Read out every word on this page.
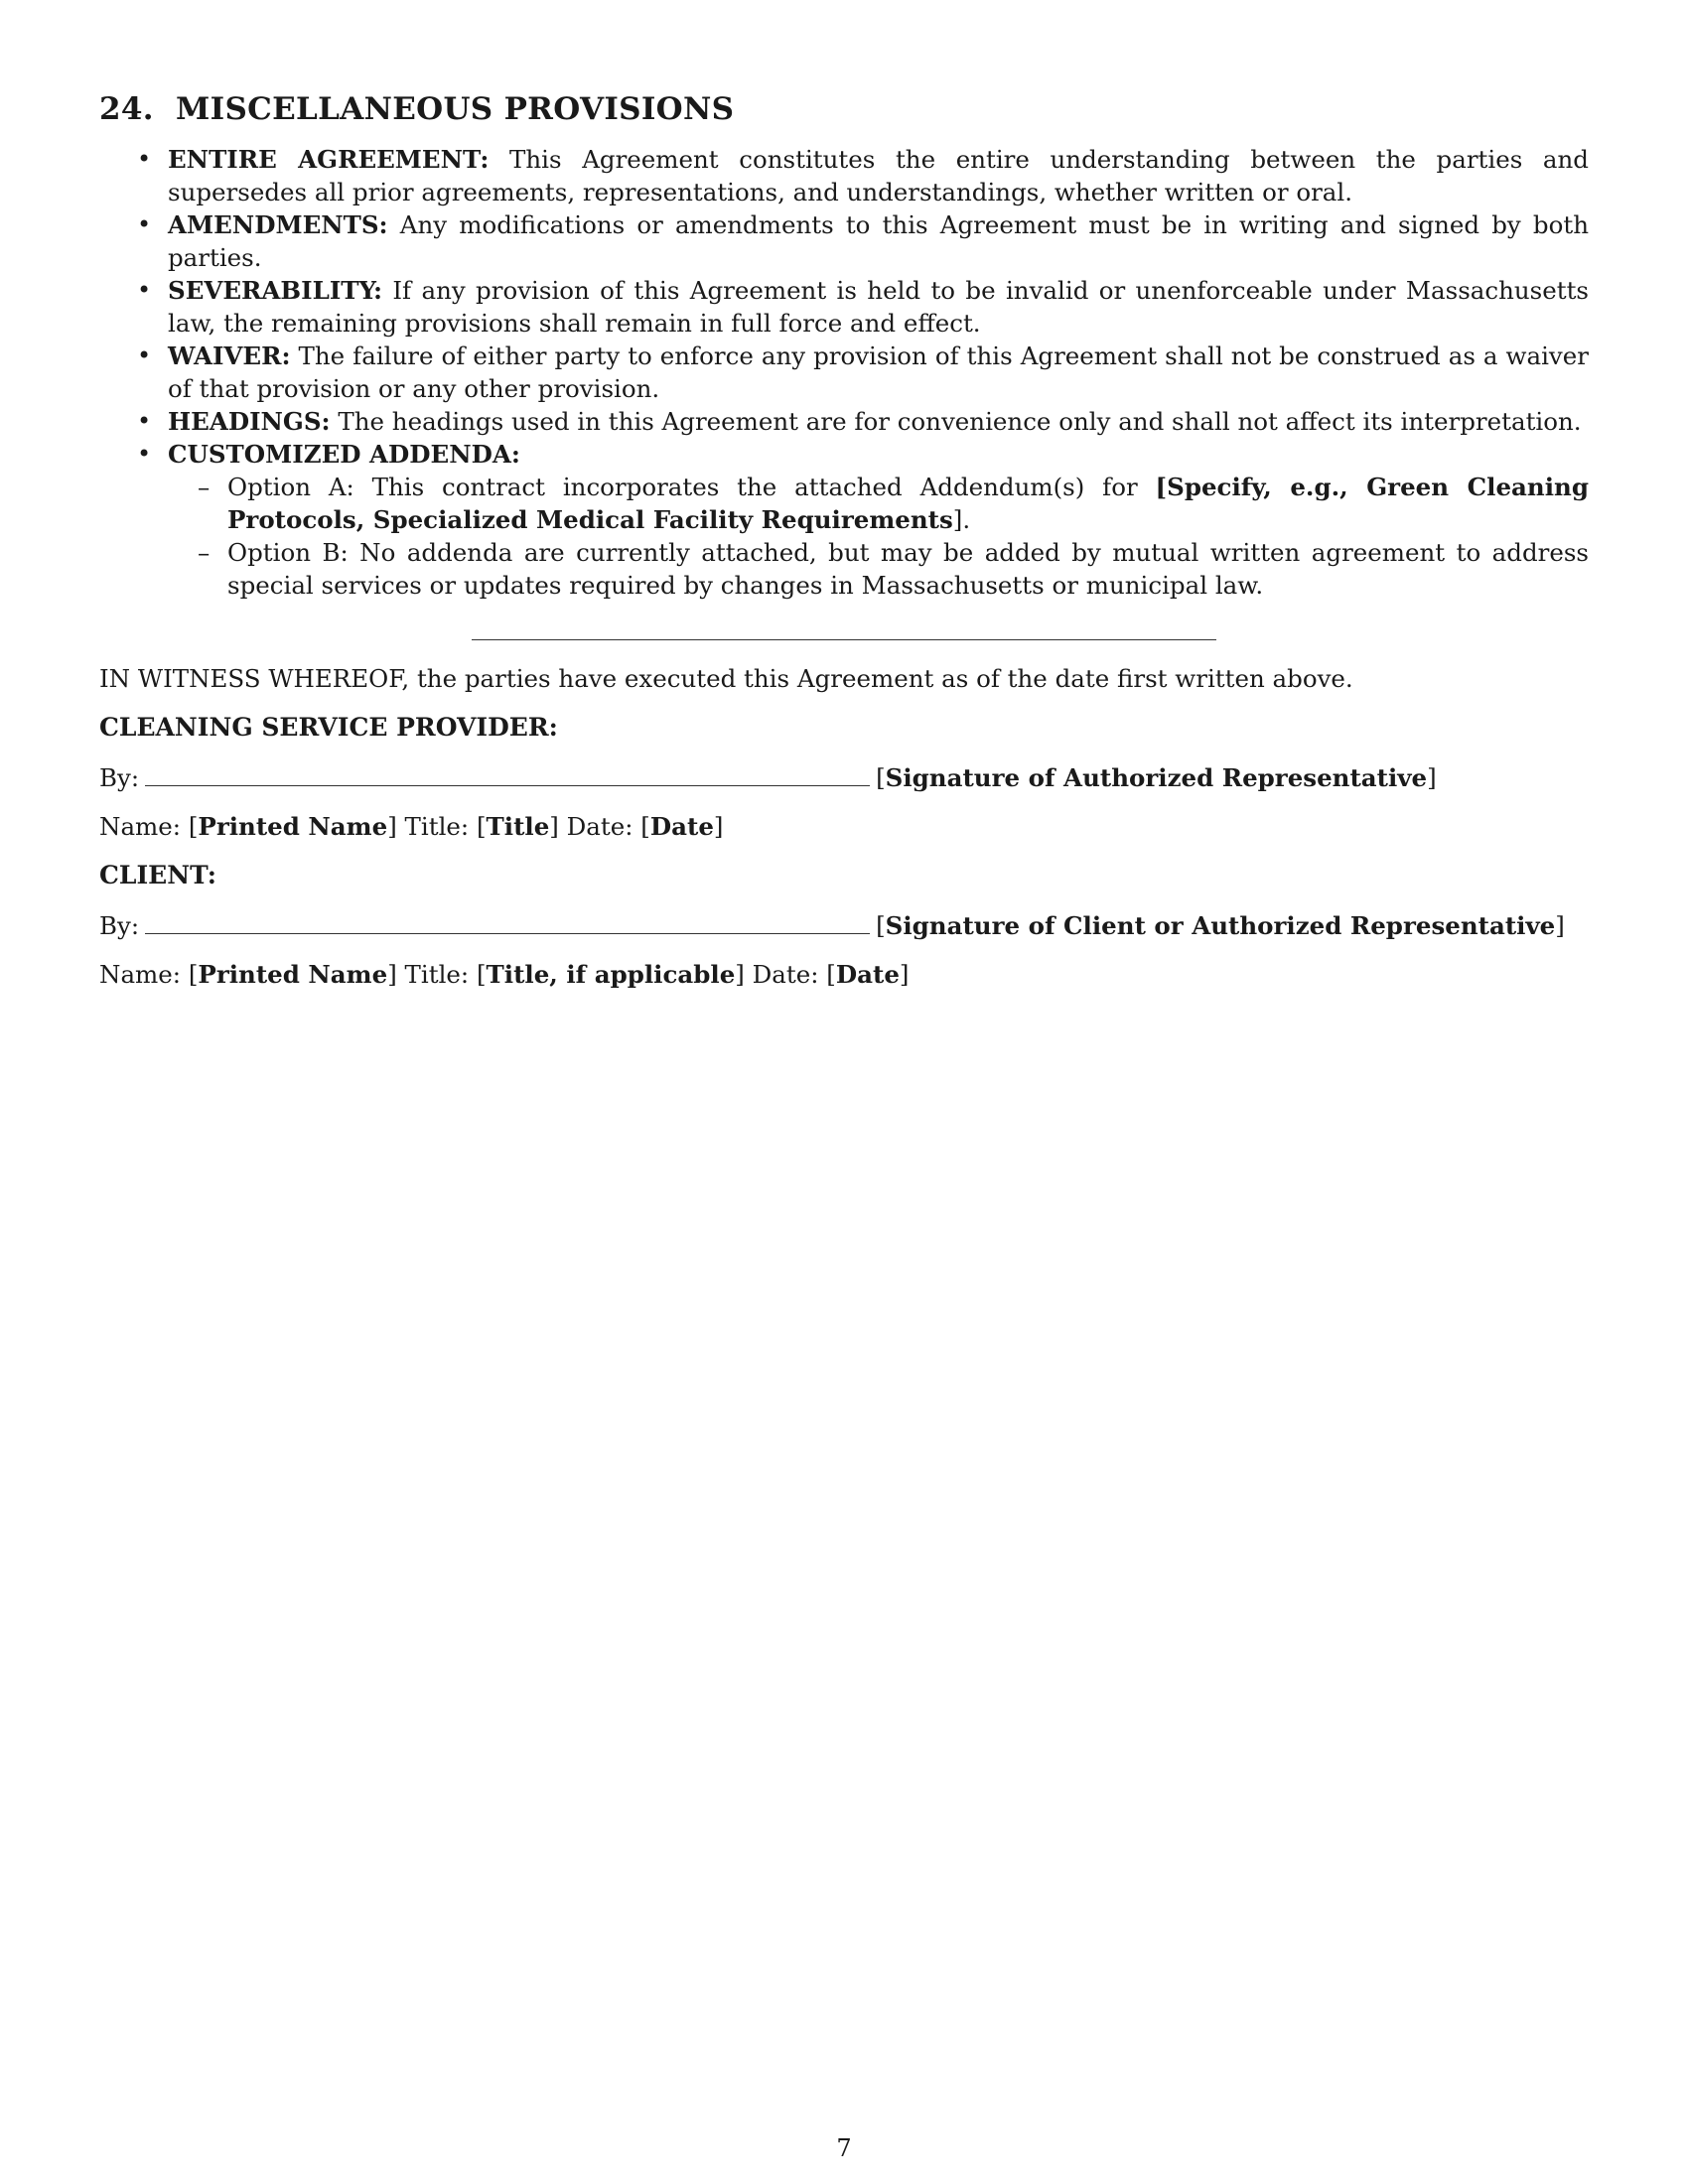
24. MISCELLANEOUS PROVISIONS
• ENTIRE AGREEMENT: This Agreement constitutes the entire understanding between the parties and supersedes all prior agreements, representations, and understandings, whether written or oral.
• AMENDMENTS: Any modifications or amendments to this Agreement must be in writing and signed by both parties.
• SEVERABILITY: If any provision of this Agreement is held to be invalid or unenforceable under Massachusetts law, the remaining provisions shall remain in full force and effect.
• WAIVER: The failure of either party to enforce any provision of this Agreement shall not be construed as a waiver of that provision or any other provision.
• HEADINGS: The headings used in this Agreement are for convenience only and shall not affect its interpretation.
• CUSTOMIZED ADDENDA:
– Option A: This contract incorporates the attached Addendum(s) for [Specify, e.g., Green Cleaning Protocols, Specialized Medical Facility Requirements].
– Option B: No addenda are currently attached, but may be added by mutual written agreement to address special services or updates required by changes in Massachusetts or municipal law.

IN WITNESS WHEREOF, the parties have executed this Agreement as of the date first written above.

CLEANING SERVICE PROVIDER:
By:	[Signature of Authorized Representative]
Name: [Printed Name] Title: [Title] Date: [Date]
CLIENT:
By:	[Signature of Client or Authorized Representative]
Name: [Printed Name] Title: [Title, if applicable] Date: [Date]
7
